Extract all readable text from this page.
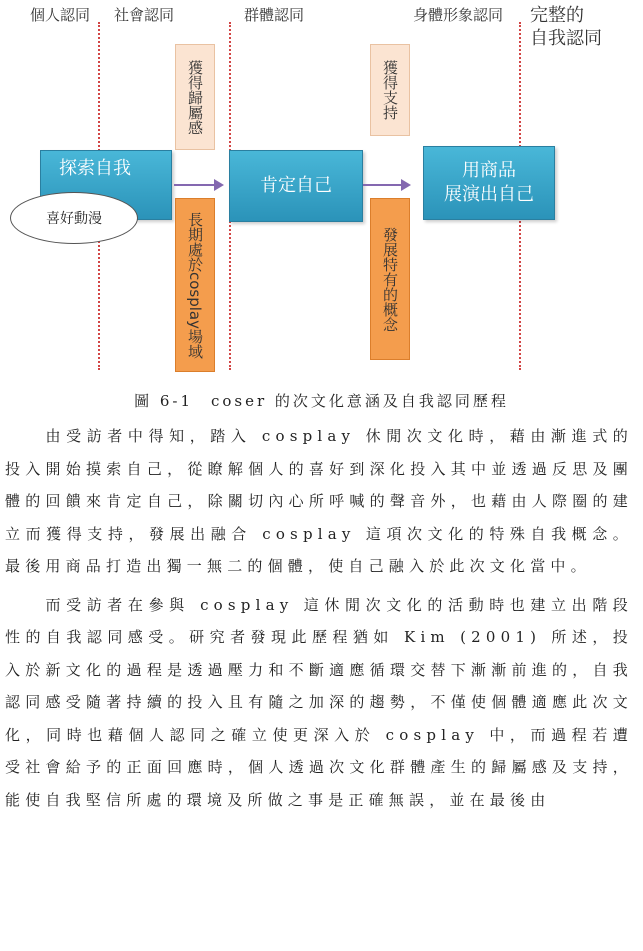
個人認同 社會認同	群體認同	身體形象認同 完整的
自我認同
獲得歸屬感	獲得支持
探索自我
肯定自己
用商品
展演出自己
喜好動漫	長期處於cosplay場域	發展特有的概念
圖 6-1　coser 的次文化意涵及自我認同歷程

由受訪者中得知，踏入 cosplay 休閒次文化時，藉由漸進式的投入開始摸索自己，從瞭解個人的喜好到深化投入其中並透過反思及團體的回饋來肯定自己，除關切內心所呼喊的聲音外，也藉由人際圈的建立而獲得支持，發展出融合 cosplay 這項次文化的特殊自我概念。最後用商品打造出獨一無二的個體，使自己融入於此次文化當中。

而受訪者在參與 cosplay 這休閒次文化的活動時也建立出階段性的自我認同感受。研究者發現此歷程猶如 Kim (2001) 所述，投入於新文化的過程是透過壓力和不斷適應循環交替下漸漸前進的，自我認同感受隨著持續的投入且有隨之加深的趨勢，不僅使個體適應此次文化，同時也藉個人認同之確立使更深入於 cosplay 中，而過程若遭受社會給予的正面回應時，個人透過次文化群體產生的歸屬感及支持，能使自我堅信所處的環境及所做之事是正確無誤，並在最後由
